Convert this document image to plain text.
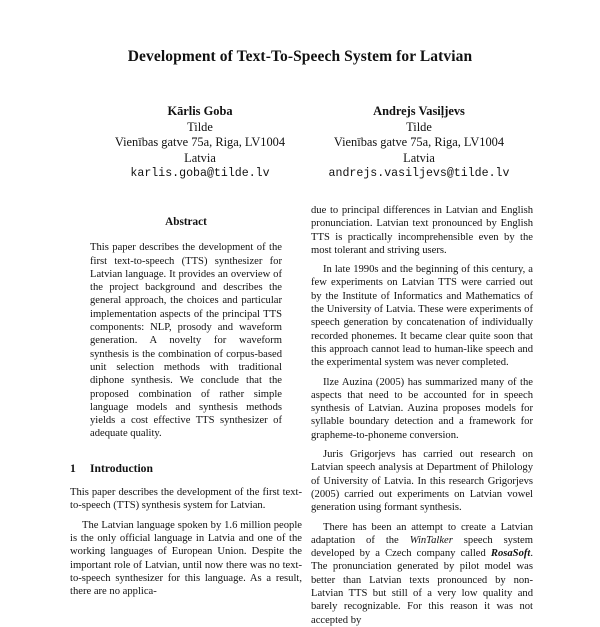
Development of Text-To-Speech System for Latvian
Kārlis Goba
Tilde
Vienības gatve 75a, Riga, LV1004
Latvia
karlis.goba@tilde.lv
Andrejs Vasiļjevs
Tilde
Vienības gatve 75a, Riga, LV1004
Latvia
andrejs.vasiljevs@tilde.lv
Abstract

This paper describes the development of the first text-to-speech (TTS) synthesizer for Latvian language. It provides an overview of the project background and describes the general approach, the choices and particular implementation aspects of the principal TTS components: NLP, prosody and waveform generation. A novelty for waveform synthesis is the combination of corpus-based unit selection methods with traditional diphone synthesis. We conclude that the proposed combination of rather simple language models and synthesis methods yields a cost effective TTS synthesizer of adequate quality.

1 Introduction

This paper describes the development of the first text-to-speech (TTS) synthesis system for Latvian.

The Latvian language spoken by 1.6 million people is the only official language in Latvia and one of the working languages of European Union. Despite the important role of Latvian, until now there was no text-to-speech synthesizer for this language. As a result, there are no applica-

due to principal differences in Latvian and English pronunciation. Latvian text pronounced by English TTS is practically incomprehensible even by the most tolerant and striving users.

In late 1990s and the beginning of this century, a few experiments on Latvian TTS were carried out by the Institute of Informatics and Mathematics of the University of Latvia. These were experiments of speech generation by concatenation of individually recorded phonemes. It became clear quite soon that this approach cannot lead to human-like speech and the experimental system was never completed.

Ilze Auzina (2005) has summarized many of the aspects that need to be accounted for in speech synthesis of Latvian. Auzina proposes models for syllable boundary detection and a framework for grapheme-to-phoneme conversion.

Juris Grigorjevs has carried out research on Latvian speech analysis at Department of Philology of University of Latvia. In this research Grigorjevs (2005) carried out experiments on Latvian vowel generation using formant synthesis.

There has been an attempt to create a Latvian adaptation of the WinTalker speech system developed by a Czech company called RosaSoft. The pronunciation generated by pilot model was better than Latvian texts pronounced by non-Latvian TTS but still of a very low quality and barely recognizable. For this reason it was not accepted by
